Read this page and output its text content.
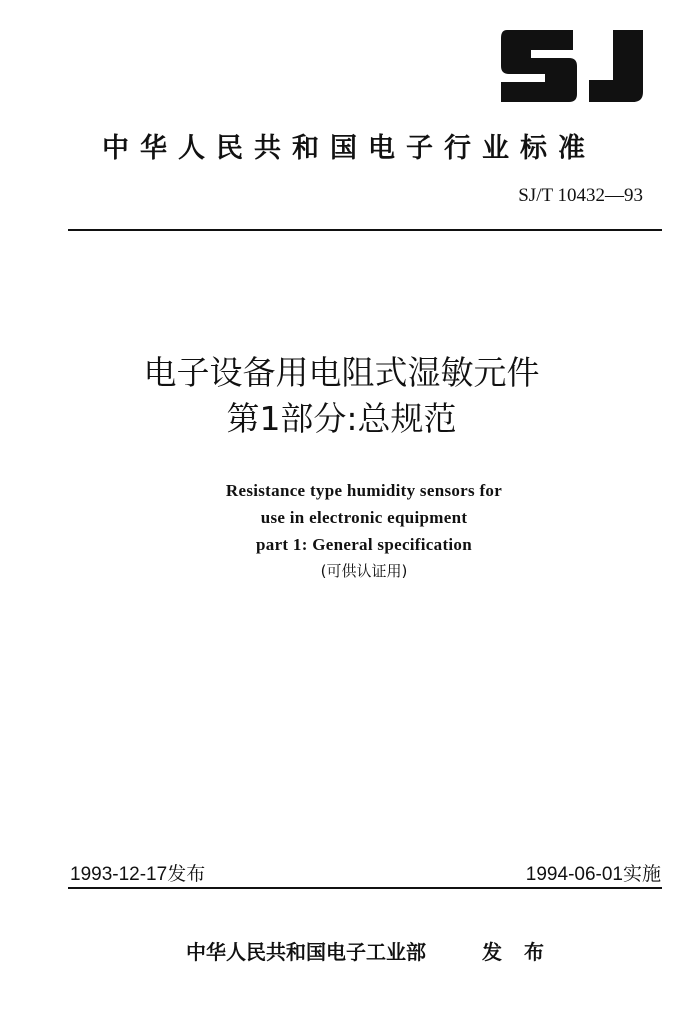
中华人民共和国电子行业标准
SJ/T 10432—93
电子设备用电阻式湿敏元件
第1部分:总规范
Resistance type humidity sensors for
use in electronic equipment
part 1: General specification
(可供认证用)
1993-12-17发布	1994-06-01实施
中华人民共和国电子工业部	发布
